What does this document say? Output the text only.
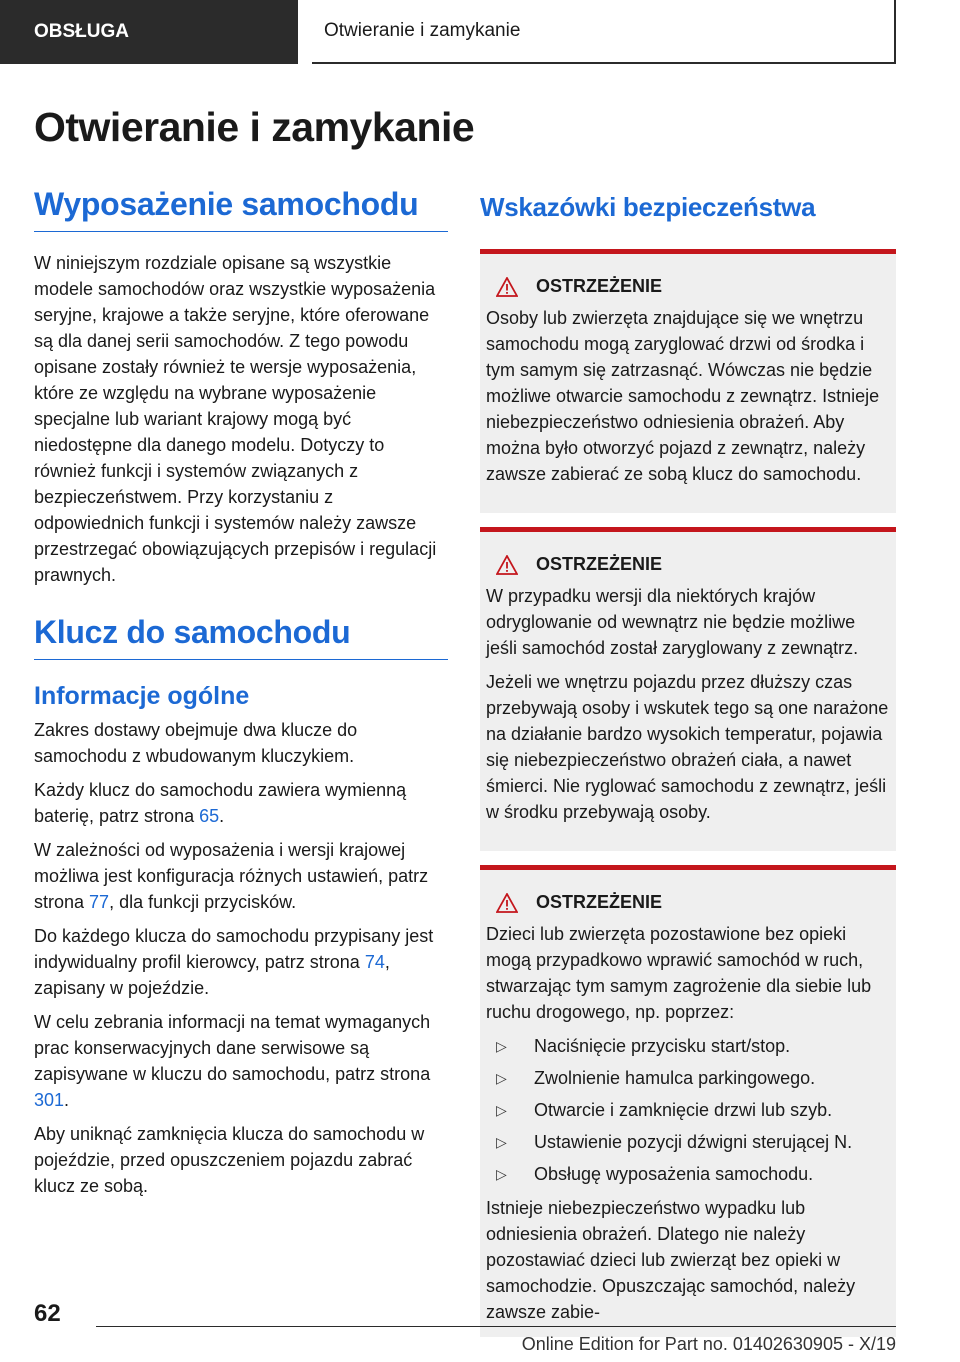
OBSŁUGA	Otwieranie i zamykanie
Otwieranie i zamykanie
Wyposażenie samochodu

W niniejszym rozdziale opisane są wszystkie modele samochodów oraz wszystkie wyposażenia seryjne, krajowe a także seryjne, które oferowane są dla danej serii samochodów. Z tego powodu opisane zostały również te wersje wyposażenia, które ze względu na wybrane wyposażenie specjalne lub wariant krajowy mogą być niedostępne dla danego modelu. Dotyczy to również funkcji i systemów związanych z bezpieczeństwem. Przy korzystaniu z odpowiednich funkcji i systemów należy zawsze przestrzegać obowiązujących przepisów i regulacji prawnych.

Klucz do samochodu
Informacje ogólne

Zakres dostawy obejmuje dwa klucze do samochodu z wbudowanym kluczykiem.

Każdy klucz do samochodu zawiera wymienną baterię, patrz strona 65.

W zależności od wyposażenia i wersji krajowej możliwa jest konfiguracja różnych ustawień, patrz strona 77, dla funkcji przycisków.

Do każdego klucza do samochodu przypisany jest indywidualny profil kierowcy, patrz strona 74, zapisany w pojeździe.

W celu zebrania informacji na temat wymaganych prac konserwacyjnych dane serwisowe są zapisywane w kluczu do samochodu, patrz strona 301.

Aby uniknąć zamknięcia klucza do samochodu w pojeździe, przed opuszczeniem pojazdu zabrać klucz ze sobą.

Wskazówki bezpieczeństwa
OSTRZEŻENIE

Osoby lub zwierzęta znajdujące się we wnętrzu samochodu mogą zaryglować drzwi od środka i tym samym się zatrzasnąć. Wówczas nie będzie możliwe otwarcie samochodu z zewnątrz. Istnieje niebezpieczeństwo odniesienia obrażeń. Aby można było otworzyć pojazd z zewnątrz, należy zawsze zabierać ze sobą klucz do samochodu.

OSTRZEŻENIE

W przypadku wersji dla niektórych krajów odryglowanie od wewnątrz nie będzie możliwe jeśli samochód został zaryglowany z zewnątrz.

Jeżeli we wnętrzu pojazdu przez dłuższy czas przebywają osoby i wskutek tego są one narażone na działanie bardzo wysokich temperatur, pojawia się niebezpieczeństwo obrażeń ciała, a nawet śmierci. Nie ryglować samochodu z zewnątrz, jeśli w środku przebywają osoby.

OSTRZEŻENIE

Dzieci lub zwierzęta pozostawione bez opieki mogą przypadkowo wprawić samochód w ruch, stwarzając tym samym zagrożenie dla siebie lub ruchu drogowego, np. poprzez:

▷	Naciśnięcie przycisku start/stop.
▷	Zwolnienie hamulca parkingowego.
▷	Otwarcie i zamknięcie drzwi lub szyb.
▷	Ustawienie pozycji dźwigni sterującej N.
▷	Obsługę wyposażenia samochodu.

Istnieje niebezpieczeństwo wypadku lub odniesienia obrażeń. Dlatego nie należy pozostawiać dzieci lub zwierząt bez opieki w samochodzie. Opuszczając samochód, należy zawsze zabie-

62
Online Edition for Part no. 01402630905 - X/19
